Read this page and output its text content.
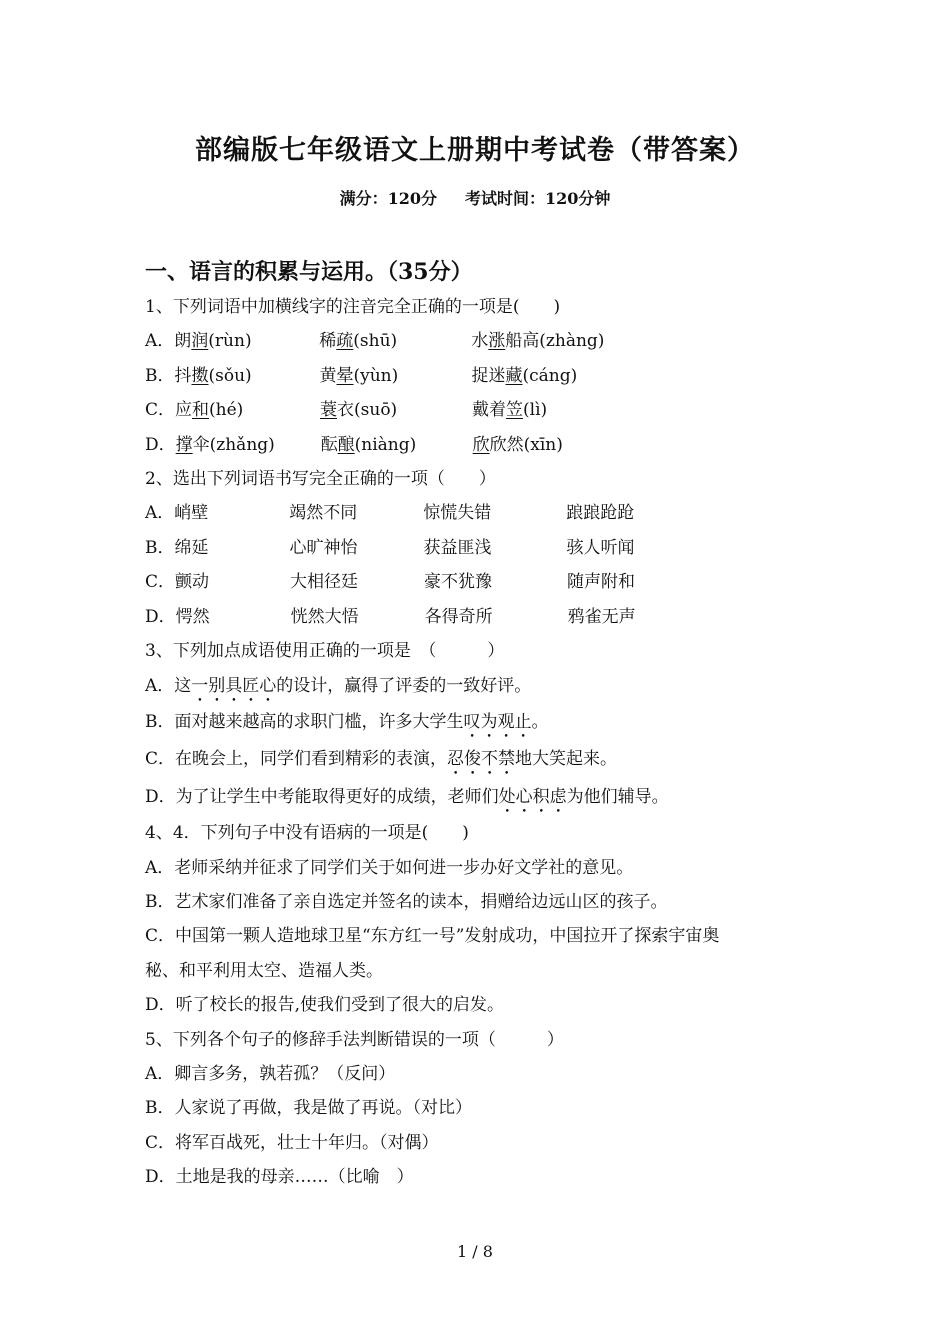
部编版七年级语文上册期中考试卷（带答案）
满分：120分 考试时间：120分钟
一、语言的积累与运用。（35分）
1、下列词语中加横线字的注音完全正确的一项是(　　)
A．朗润(rùn)	稀疏(shū)	水涨船高(zhàng)
B．抖擞(sǒu)	黄晕(yùn)	捉迷藏(cáng)
C．应和(hé)	蓑衣(suō)	戴着笠(lì)
D．撑伞(zhǎng)	酝酿(niàng)	欣欣然(xīn)
2、选出下列词语书写完全正确的一项（　　）
A．峭壁	竭然不同	惊慌失错	踉踉跄跄
B．绵延	心旷神怡	获益匪浅	骇人听闻
C．颤动	大相径廷	豪不犹豫	随声附和
D．愕然	恍然大悟	各得奇所	鸦雀无声
3、下列加点成语使用正确的一项是　（　　　）
A．这一别具匠心的设计，赢得了评委的一致好评。
B．面对越来越高的求职门槛，许多大学生叹为观止。
C．在晚会上，同学们看到精彩的表演，忍俊不禁地大笑起来。
D．为了让学生中考能取得更好的成绩，老师们处心积虑为他们辅导。
4、4．下列句子中没有语病的一项是(　　)
A．老师采纳并征求了同学们关于如何进一步办好文学社的意见。
B．艺术家们准备了亲自选定并签名的读本，捐赠给边远山区的孩子。
C．中国第一颗人造地球卫星“东方红一号”发射成功，中国拉开了探索宇宙奥
秘、和平利用太空、造福人类。
D．听了校长的报告,使我们受到了很大的启发。
5、下列各个句子的修辞手法判断错误的一项（　　　）
A．卿言多务，孰若孤？（反问）
B．人家说了再做，我是做了再说。（对比）
C．将军百战死，壮士十年归。（对偶）
D．土地是我的母亲……（比喻　）
1 / 8
